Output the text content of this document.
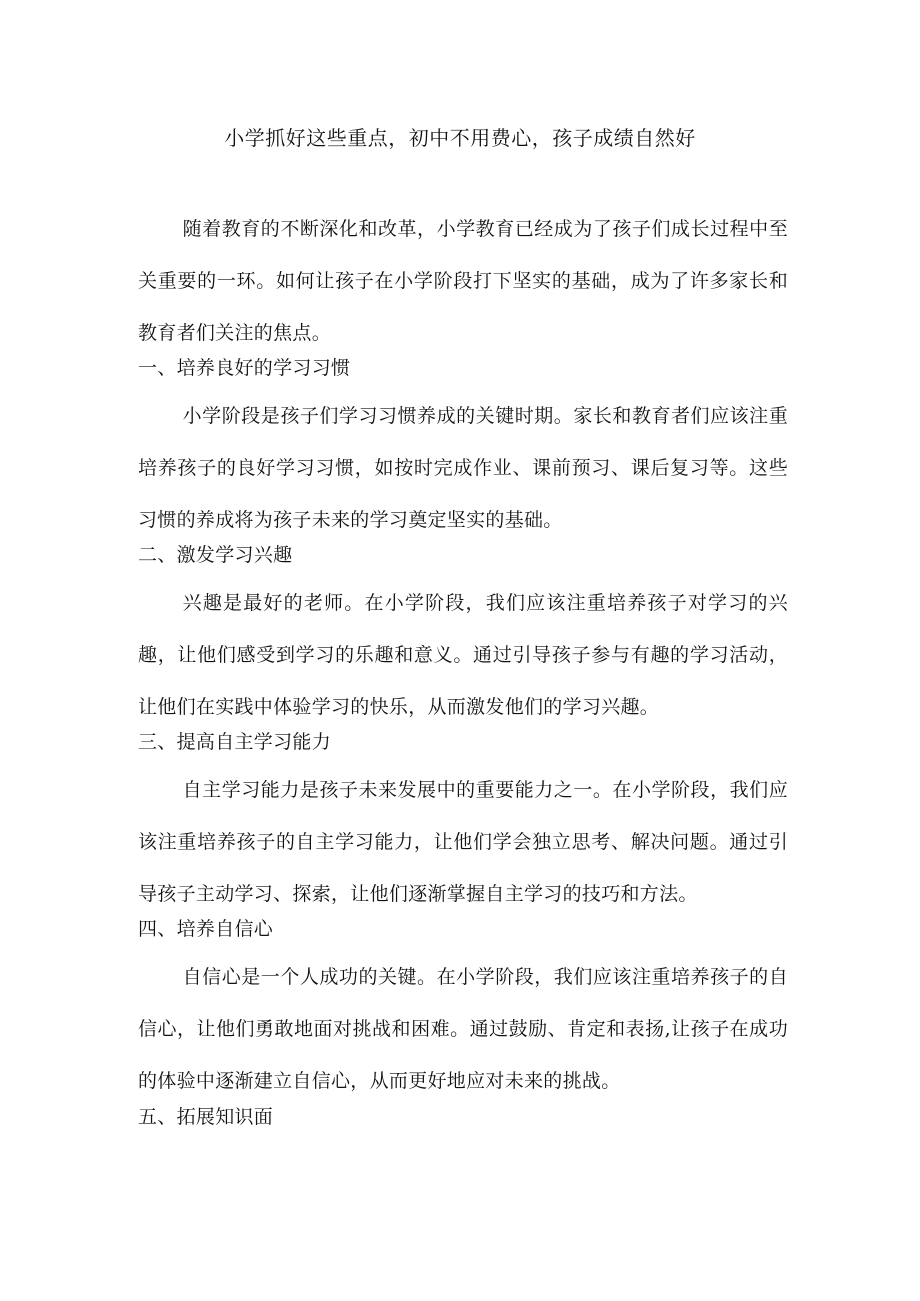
小学抓好这些重点，初中不用费心，孩子成绩自然好
随着教育的不断深化和改革，小学教育已经成为了孩子们成长过程中至关重要的一环。如何让孩子在小学阶段打下坚实的基础，成为了许多家长和教育者们关注的焦点。
一、培养良好的学习习惯
小学阶段是孩子们学习习惯养成的关键时期。家长和教育者们应该注重培养孩子的良好学习习惯，如按时完成作业、课前预习、课后复习等。这些习惯的养成将为孩子未来的学习奠定坚实的基础。
二、激发学习兴趣
兴趣是最好的老师。在小学阶段，我们应该注重培养孩子对学习的兴趣，让他们感受到学习的乐趣和意义。通过引导孩子参与有趣的学习活动，让他们在实践中体验学习的快乐，从而激发他们的学习兴趣。
三、提高自主学习能力
自主学习能力是孩子未来发展中的重要能力之一。在小学阶段，我们应该注重培养孩子的自主学习能力，让他们学会独立思考、解决问题。通过引导孩子主动学习、探索，让他们逐渐掌握自主学习的技巧和方法。
四、培养自信心
自信心是一个人成功的关键。在小学阶段，我们应该注重培养孩子的自信心，让他们勇敢地面对挑战和困难。通过鼓励、肯定和表扬,让孩子在成功的体验中逐渐建立自信心，从而更好地应对未来的挑战。
五、拓展知识面
